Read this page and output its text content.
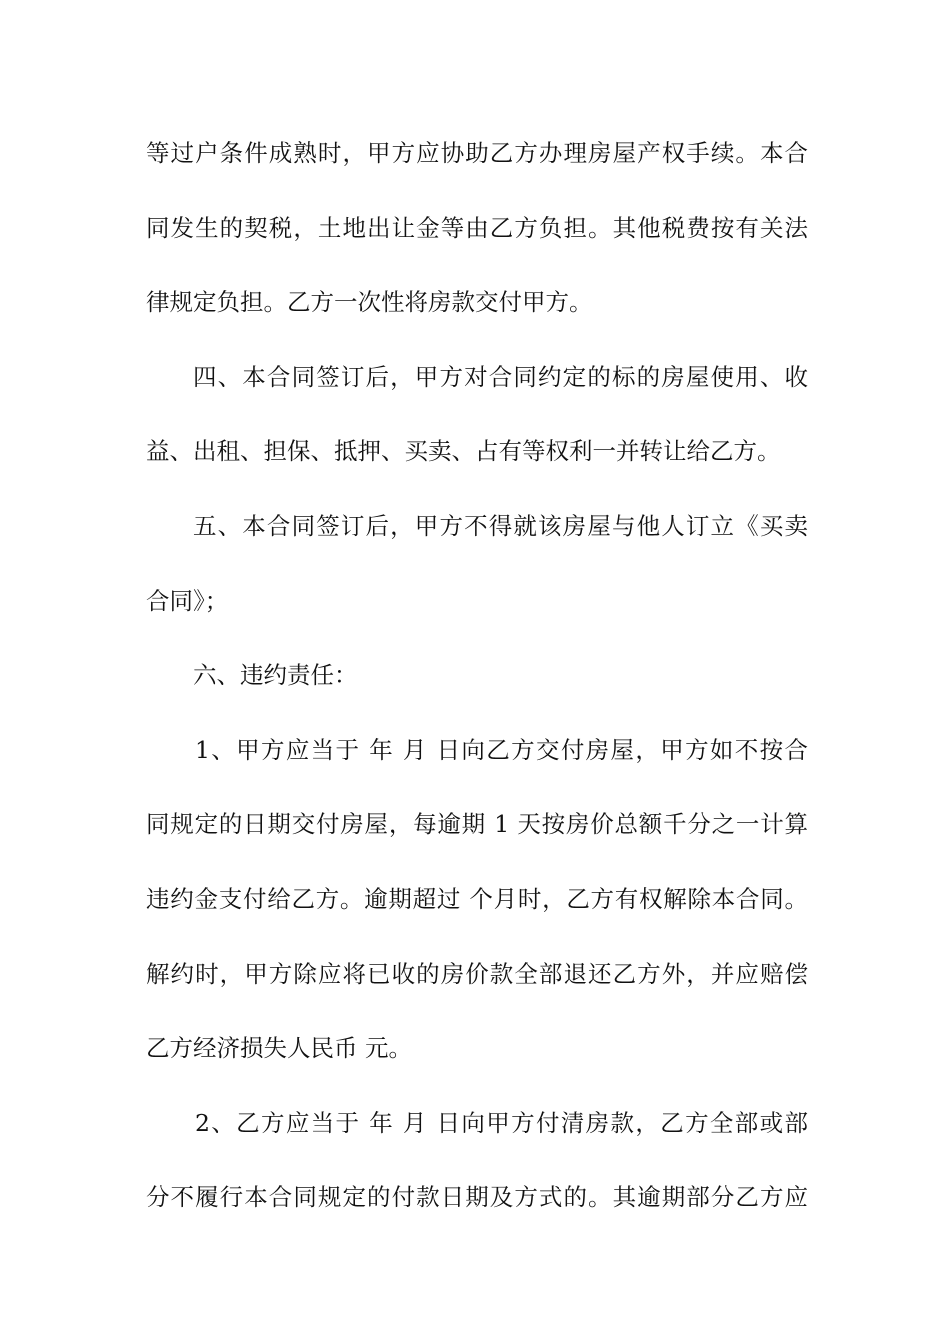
等过户条件成熟时，甲方应协助乙方办理房屋产权手续。本合
同发生的契税，土地出让金等由乙方负担。其他税费按有关法
律规定负担。乙方一次性将房款交付甲方。
四、本合同签订后，甲方对合同约定的标的房屋使用、收
益、出租、担保、抵押、买卖、占有等权利一并转让给乙方。
五、本合同签订后，甲方不得就该房屋与他人订立《买卖
合同》；
六、违约责任：
1、甲方应当于 年 月 日向乙方交付房屋，甲方如不按合
同规定的日期交付房屋，每逾期 1 天按房价总额千分之一计算
违约金支付给乙方。逾期超过 个月时，乙方有权解除本合同。
解约时，甲方除应将已收的房价款全部退还乙方外，并应赔偿
乙方经济损失人民币 元。
2、乙方应当于 年 月 日向甲方付清房款，乙方全部或部
分不履行本合同规定的付款日期及方式的。其逾期部分乙方应
